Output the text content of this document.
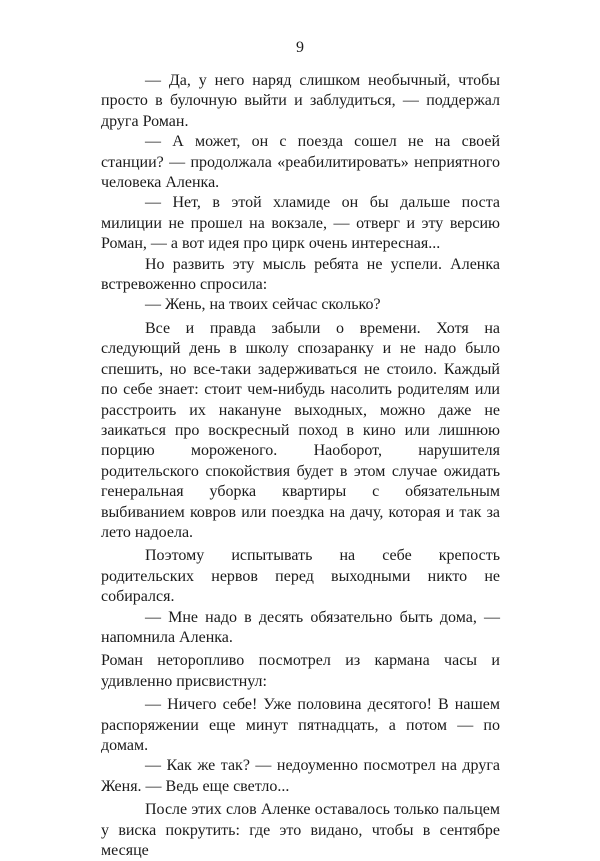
9

— Да, у него наряд слишком необычный, чтобы просто в булочную выйти и заблудиться, — поддержал друга Роман.

— А может, он с поезда сошел не на своей станции? — продолжала «реабилитировать» неприятного человека Аленка.

— Нет, в этой хламиде он бы дальше поста милиции не прошел на вокзале, — отверг и эту версию Роман, — а вот идея про цирк очень интересная...

Но развить эту мысль ребята не успели. Аленка встревоженно спросила:

— Жень, на твоих сейчас сколько?

Все и правда забыли о времени. Хотя на следующий день в школу спозаранку и не надо было спешить, но все-таки задерживаться не стоило. Каждый по себе знает: стоит чем-нибудь насолить родителям или расстроить их накануне выходных, можно даже не заикаться про воскресный поход в кино или лишнюю порцию мороженого. Наоборот, нарушителя родительского спокойствия будет в этом случае ожидать генеральная уборка квартиры с обязательным выбиванием ковров или поездка на дачу, которая и так за лето надоела.

Поэтому испытывать на себе крепость родительских нервов перед выходными никто не собирался.

— Мне надо в десять обязательно быть дома, — напомнила Аленка.

Роман неторопливо посмотрел из кармана часы и удивленно присвистнул:

— Ничего себе! Уже половина десятого! В нашем распоряжении еще минут пятнадцать, а потом — по домам.

— Как же так? — недоуменно посмотрел на друга Женя. — Ведь еще светло...

После этих слов Аленке оставалось только пальцем у виска покрутить: где это видано, чтобы в сентябре месяце
